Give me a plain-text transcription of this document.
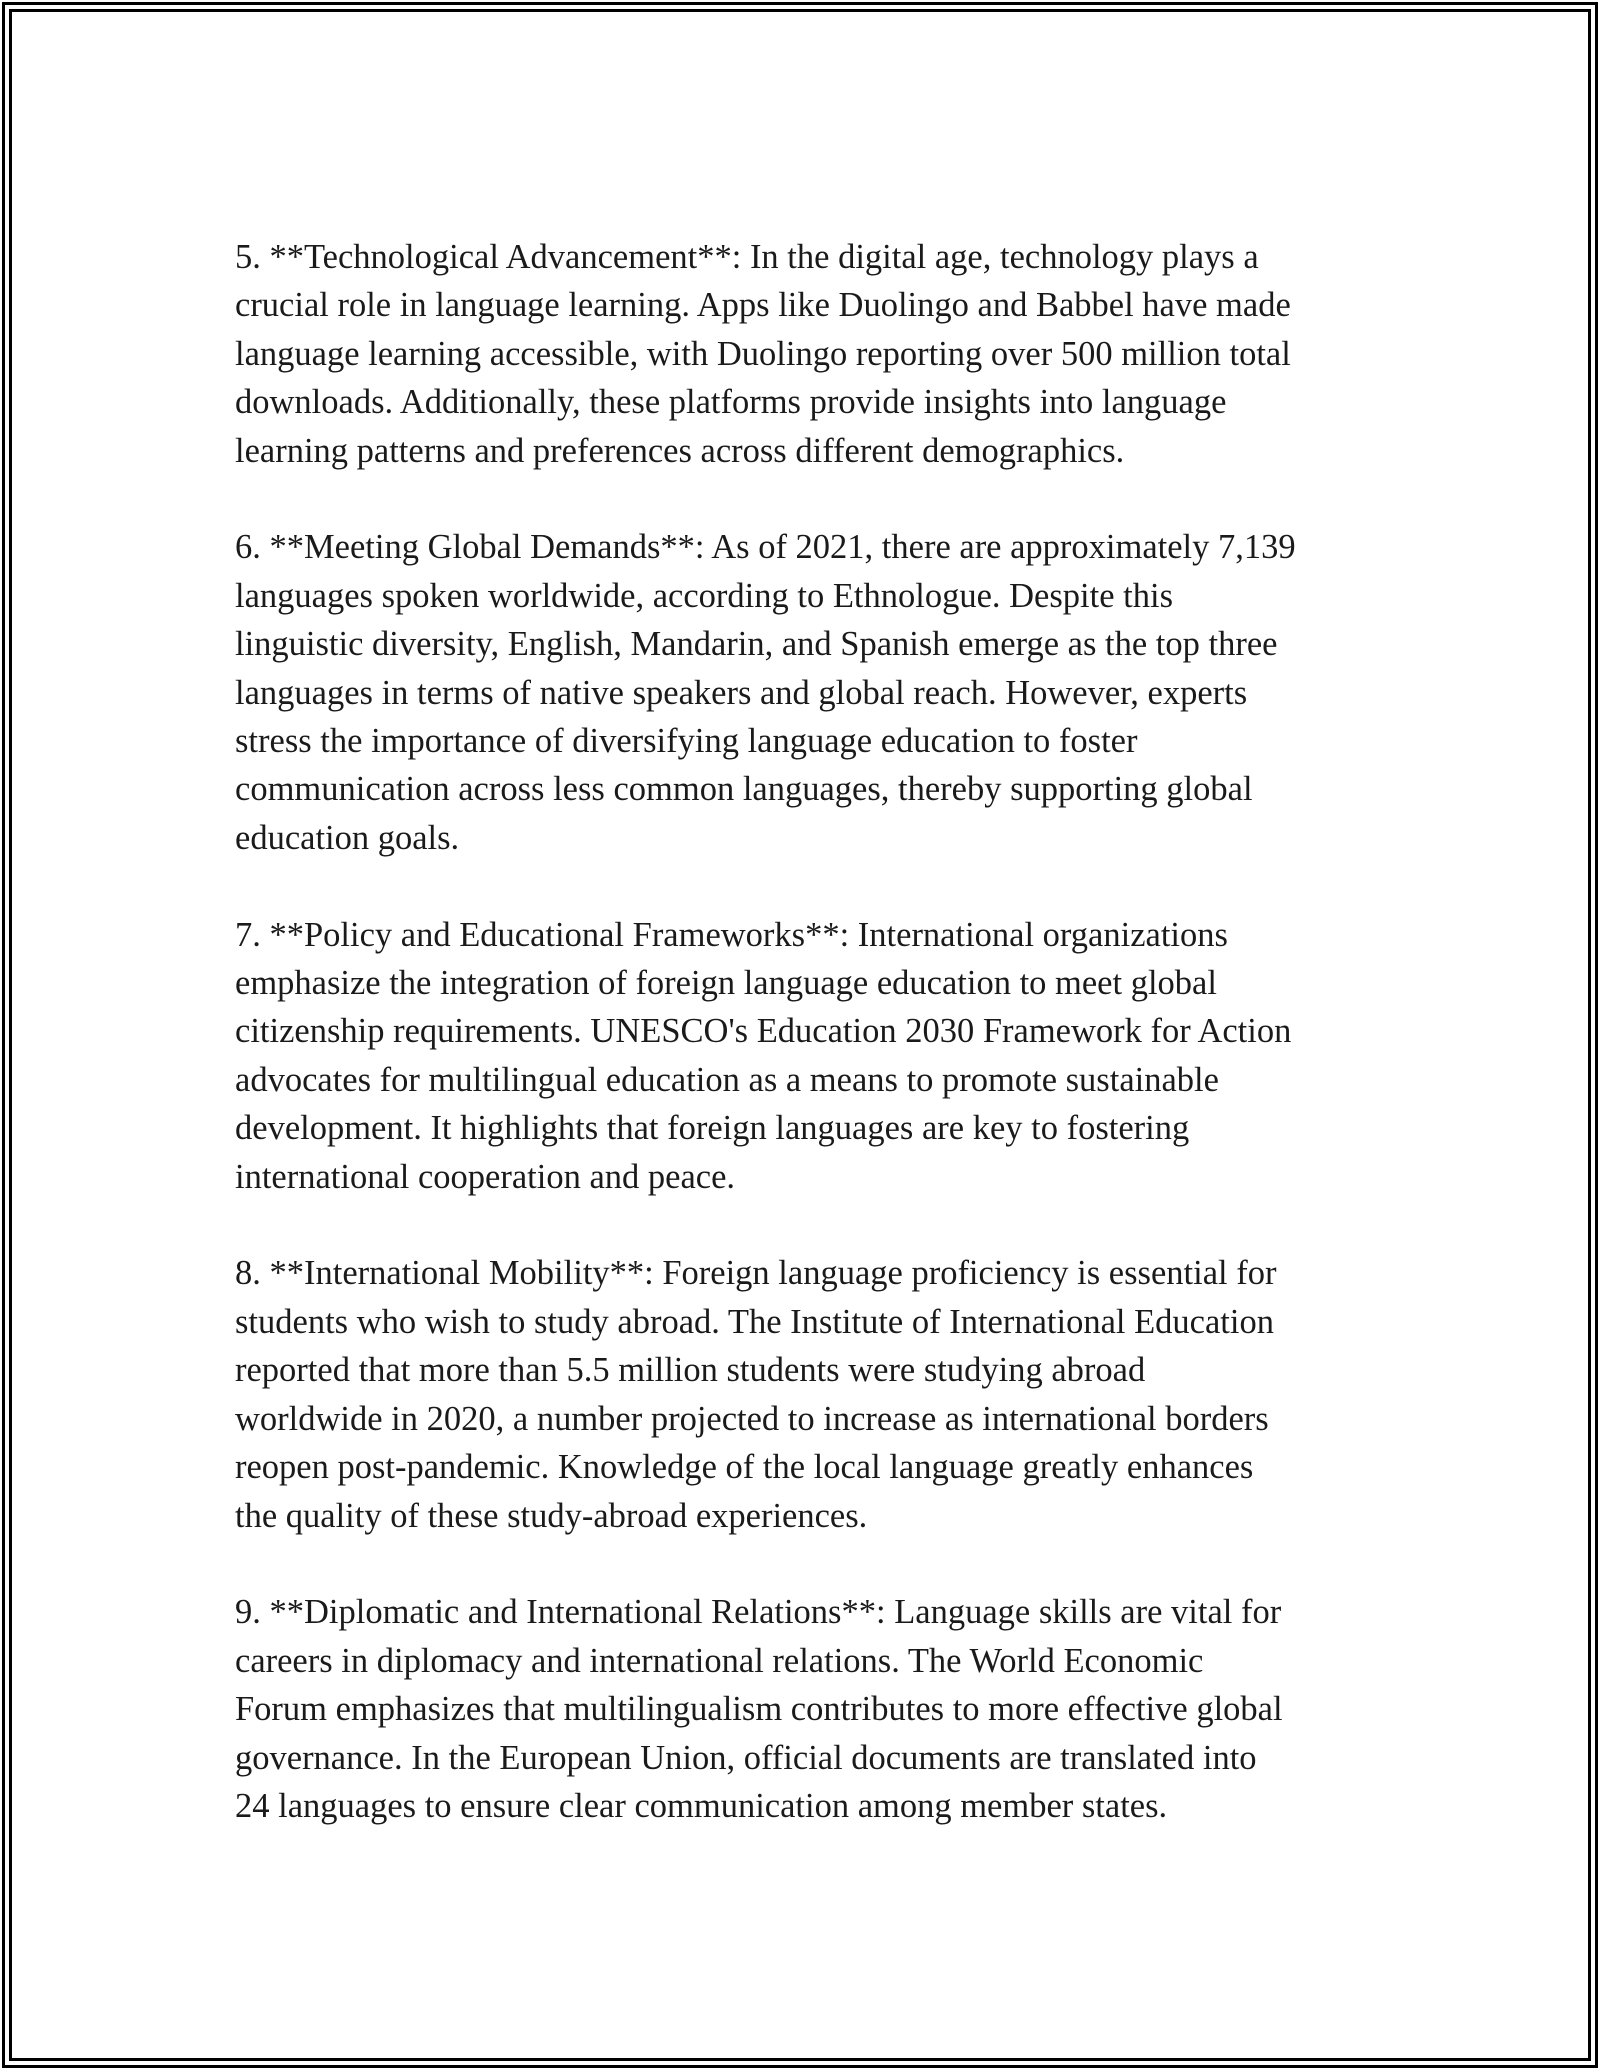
5. **Technological Advancement**: In the digital age, technology plays a
crucial role in language learning. Apps like Duolingo and Babbel have made
language learning accessible, with Duolingo reporting over 500 million total
downloads. Additionally, these platforms provide insights into language
learning patterns and preferences across different demographics.

6. **Meeting Global Demands**: As of 2021, there are approximately 7,139
languages spoken worldwide, according to Ethnologue. Despite this
linguistic diversity, English, Mandarin, and Spanish emerge as the top three
languages in terms of native speakers and global reach. However, experts
stress the importance of diversifying language education to foster
communication across less common languages, thereby supporting global
education goals.

7. **Policy and Educational Frameworks**: International organizations
emphasize the integration of foreign language education to meet global
citizenship requirements. UNESCO's Education 2030 Framework for Action
advocates for multilingual education as a means to promote sustainable
development. It highlights that foreign languages are key to fostering
international cooperation and peace.

8. **International Mobility**: Foreign language proficiency is essential for
students who wish to study abroad. The Institute of International Education
reported that more than 5.5 million students were studying abroad
worldwide in 2020, a number projected to increase as international borders
reopen post-pandemic. Knowledge of the local language greatly enhances
the quality of these study-abroad experiences.

9. **Diplomatic and International Relations**: Language skills are vital for
careers in diplomacy and international relations. The World Economic
Forum emphasizes that multilingualism contributes to more effective global
governance. In the European Union, official documents are translated into
24 languages to ensure clear communication among member states.
